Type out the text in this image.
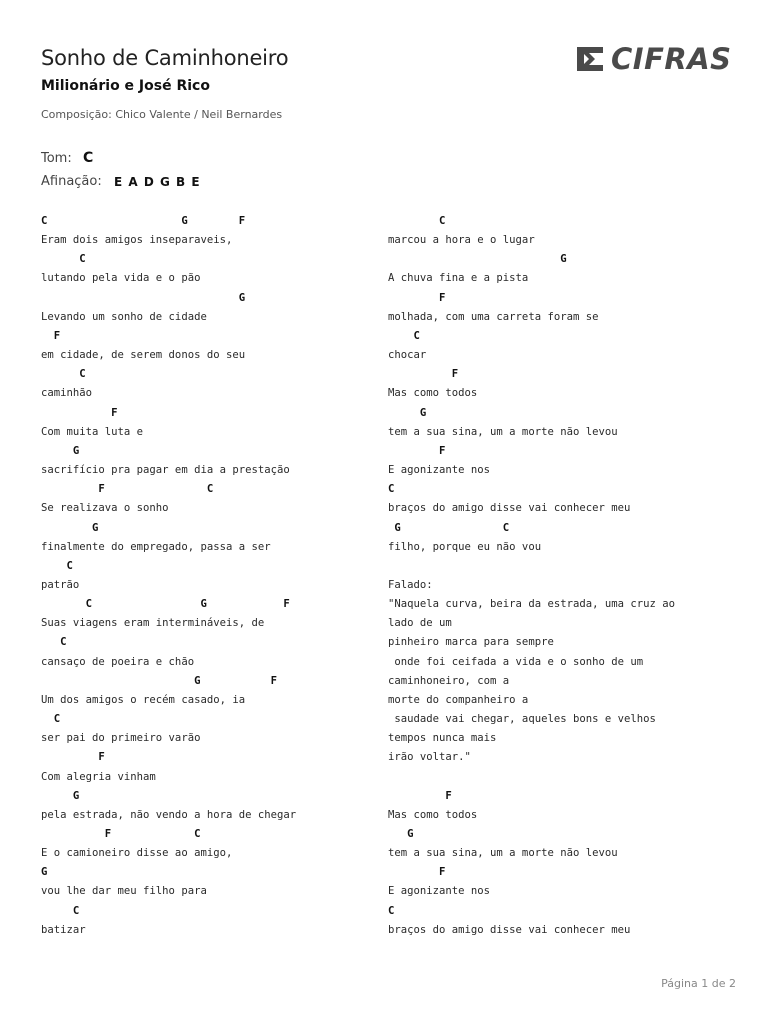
Sonho de Caminhoneiro
Milionário e José Rico
Composição: Chico Valente / Neil Bernardes
Tom: C
Afinação: E A D G B E
CIFRAS
C                     G        F
Eram dois amigos inseparaveis,
C
lutando pela vida e o pão
G
Levando um sonho de cidade
F
em cidade, de serem donos do seu
C
caminhão
F
Com muita luta e
G
sacrifício pra pagar em dia a prestação
F                C
Se realizava o sonho
G
finalmente do empregado, passa a ser
C
patrão
C                 G            F
Suas viagens eram intermináveis, de
C
cansaço de poeira e chão
G           F
Um dos amigos o recém casado, ia
C
ser pai do primeiro varão
F
Com alegria vinham
G
pela estrada, não vendo a hora de chegar
F             C
E o camioneiro disse ao amigo,
G
vou lhe dar meu filho para
C
batizar
C
marcou a hora e o lugar
G
A chuva fina e a pista
F
molhada, com uma carreta foram se
C
chocar
F
Mas como todos
G
tem a sua sina, um a morte não levou
F
E agonizante nos
C
braços do amigo disse vai conhecer meu
G                C
filho, porque eu não vou

Falado:
"Naquela curva, beira da estrada, uma cruz ao
lado de um
pinheiro marca para sempre
onde foi ceifada a vida e o sonho de um
caminhoneiro, com a
morte do companheiro a
saudade vai chegar, aqueles bons e velhos
tempos nunca mais
irão voltar."

F
Mas como todos
G
tem a sua sina, um a morte não levou
F
E agonizante nos
C
braços do amigo disse vai conhecer meu
Página 1 de 2
